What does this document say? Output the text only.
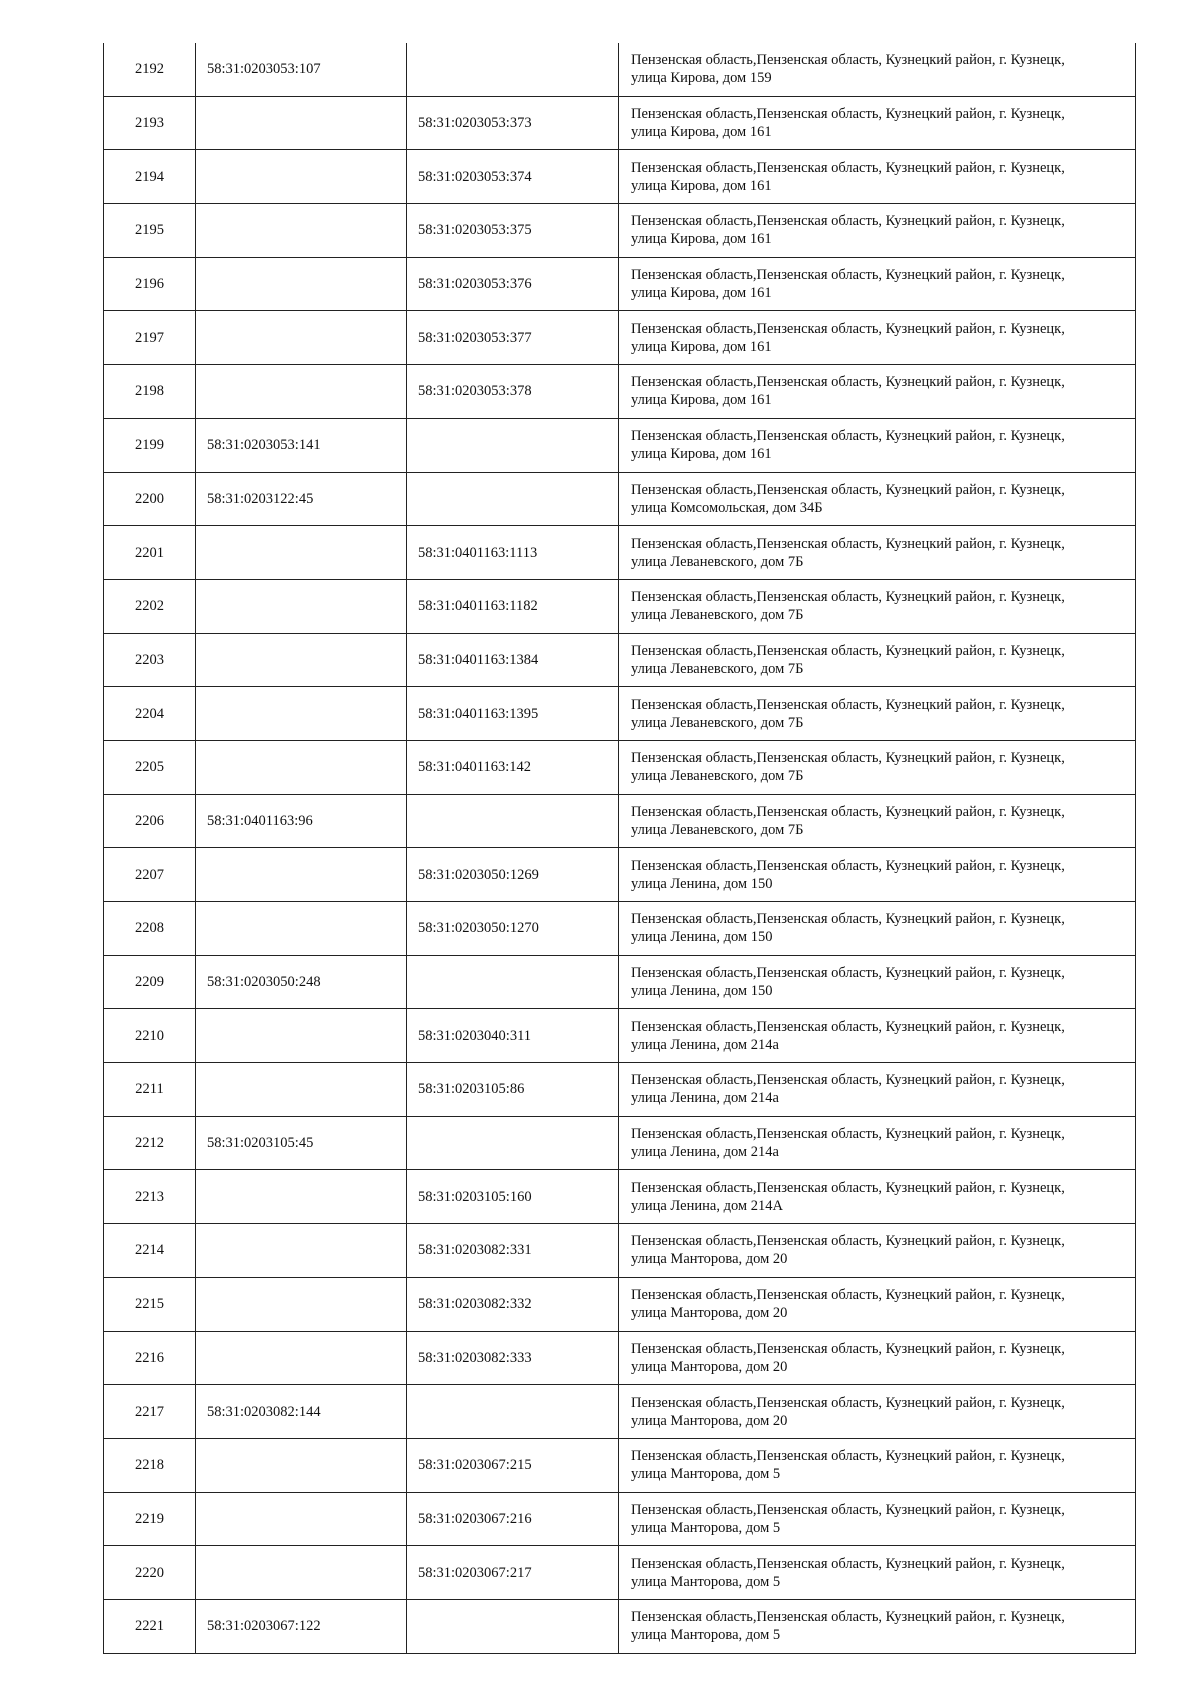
2192	58:31:0203053:107		Пензенская область,Пензенская область, Кузнецкий район, г. Кузнецк,
улица Кирова, дом 159

2193		58:31:0203053:373	Пензенская область,Пензенская область, Кузнецкий район, г. Кузнецк,
улица Кирова, дом 161

2194		58:31:0203053:374	Пензенская область,Пензенская область, Кузнецкий район, г. Кузнецк,
улица Кирова, дом 161

2195		58:31:0203053:375	Пензенская область,Пензенская область, Кузнецкий район, г. Кузнецк,
улица Кирова, дом 161

2196		58:31:0203053:376	Пензенская область,Пензенская область, Кузнецкий район, г. Кузнецк,
улица Кирова, дом 161

2197		58:31:0203053:377	Пензенская область,Пензенская область, Кузнецкий район, г. Кузнецк,
улица Кирова, дом 161

2198		58:31:0203053:378	Пензенская область,Пензенская область, Кузнецкий район, г. Кузнецк,
улица Кирова, дом 161

2199	58:31:0203053:141		Пензенская область,Пензенская область, Кузнецкий район, г. Кузнецк,
улица Кирова, дом 161

2200	58:31:0203122:45		Пензенская область,Пензенская область, Кузнецкий район, г. Кузнецк,
улица Комсомольская, дом 34Б

2201		58:31:0401163:1113	Пензенская область,Пензенская область, Кузнецкий район, г. Кузнецк,
улица Леваневского, дом 7Б

2202		58:31:0401163:1182	Пензенская область,Пензенская область, Кузнецкий район, г. Кузнецк,
улица Леваневского, дом 7Б

2203		58:31:0401163:1384	Пензенская область,Пензенская область, Кузнецкий район, г. Кузнецк,
улица Леваневского, дом 7Б

2204		58:31:0401163:1395	Пензенская область,Пензенская область, Кузнецкий район, г. Кузнецк,
улица Леваневского, дом 7Б

2205		58:31:0401163:142	Пензенская область,Пензенская область, Кузнецкий район, г. Кузнецк,
улица Леваневского, дом 7Б

2206	58:31:0401163:96		Пензенская область,Пензенская область, Кузнецкий район, г. Кузнецк,
улица Леваневского, дом 7Б

2207		58:31:0203050:1269	Пензенская область,Пензенская область, Кузнецкий район, г. Кузнецк,
улица Ленина, дом 150

2208		58:31:0203050:1270	Пензенская область,Пензенская область, Кузнецкий район, г. Кузнецк,
улица Ленина, дом 150

2209	58:31:0203050:248		Пензенская область,Пензенская область, Кузнецкий район, г. Кузнецк,
улица Ленина, дом 150

2210		58:31:0203040:311	Пензенская область,Пензенская область, Кузнецкий район, г. Кузнецк,
улица Ленина, дом 214а

2211		58:31:0203105:86	Пензенская область,Пензенская область, Кузнецкий район, г. Кузнецк,
улица Ленина, дом 214а

2212	58:31:0203105:45		Пензенская область,Пензенская область, Кузнецкий район, г. Кузнецк,
улица Ленина, дом 214а

2213		58:31:0203105:160	Пензенская область,Пензенская область, Кузнецкий район, г. Кузнецк,
улица Ленина, дом 214А

2214		58:31:0203082:331	Пензенская область,Пензенская область, Кузнецкий район, г. Кузнецк,
улица Манторова, дом 20

2215		58:31:0203082:332	Пензенская область,Пензенская область, Кузнецкий район, г. Кузнецк,
улица Манторова, дом 20

2216		58:31:0203082:333	Пензенская область,Пензенская область, Кузнецкий район, г. Кузнецк,
улица Манторова, дом 20

2217	58:31:0203082:144		Пензенская область,Пензенская область, Кузнецкий район, г. Кузнецк,
улица Манторова, дом 20

2218		58:31:0203067:215	Пензенская область,Пензенская область, Кузнецкий район, г. Кузнецк,
улица Манторова, дом 5

2219		58:31:0203067:216	Пензенская область,Пензенская область, Кузнецкий район, г. Кузнецк,
улица Манторова, дом 5

2220		58:31:0203067:217	Пензенская область,Пензенская область, Кузнецкий район, г. Кузнецк,
улица Манторова, дом 5

2221	58:31:0203067:122		Пензенская область,Пензенская область, Кузнецкий район, г. Кузнецк,
улица Манторова, дом 5
